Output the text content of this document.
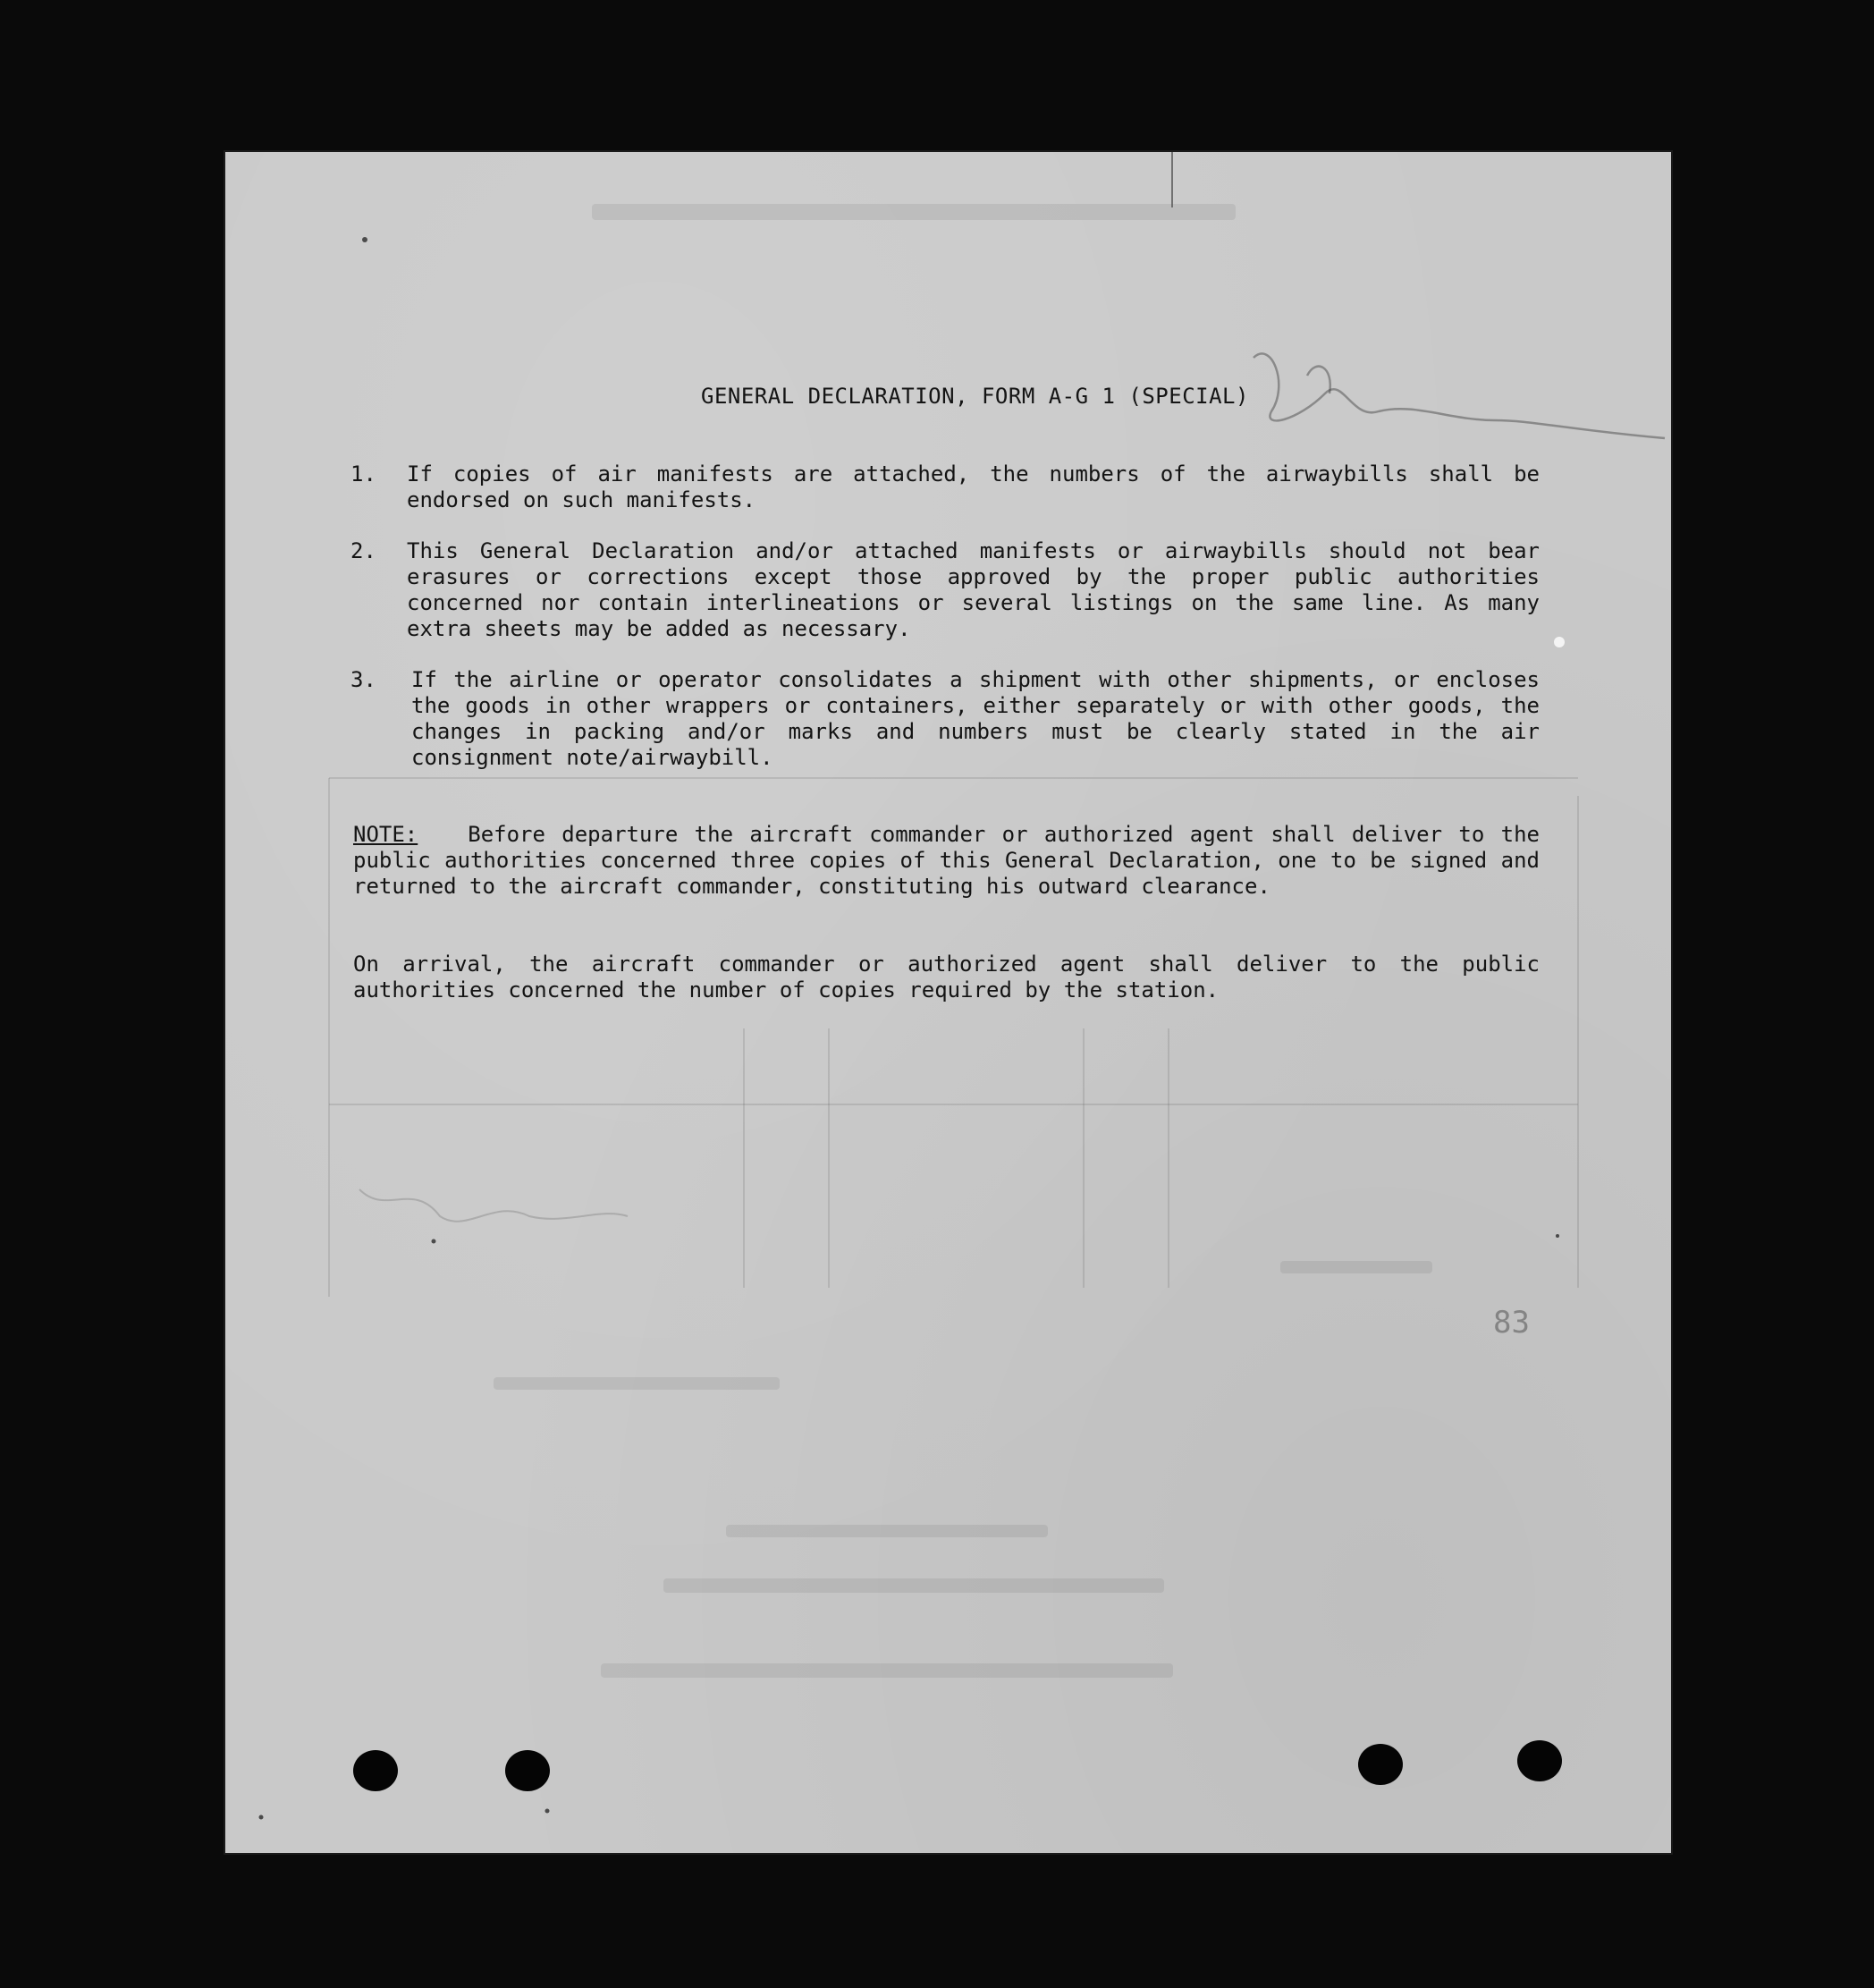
83
GENERAL DECLARATION, FORM A-G 1 (SPECIAL)
1. If copies of air manifests are attached, the numbers of the airwaybills shall be endorsed on such manifests.
2. This General Declaration and/or attached manifests or airwaybills should not bear erasures or corrections except those approved by the proper public authorities concerned nor contain interlineations or several listings on the same line. As many extra sheets may be added as necessary.
3. If the airline or operator consolidates a shipment with other shipments, or encloses the goods in other wrappers or containers, either separately or with other goods, the changes in packing and/or marks and numbers must be clearly stated in the air consignment note/airwaybill.
NOTE: Before departure the aircraft commander or authorized agent shall deliver to the public authorities concerned three copies of this General Declaration, one to be signed and returned to the aircraft commander, constituting his outward clearance.
On arrival, the aircraft commander or authorized agent shall deliver to the public authorities concerned the number of copies required by the station.
